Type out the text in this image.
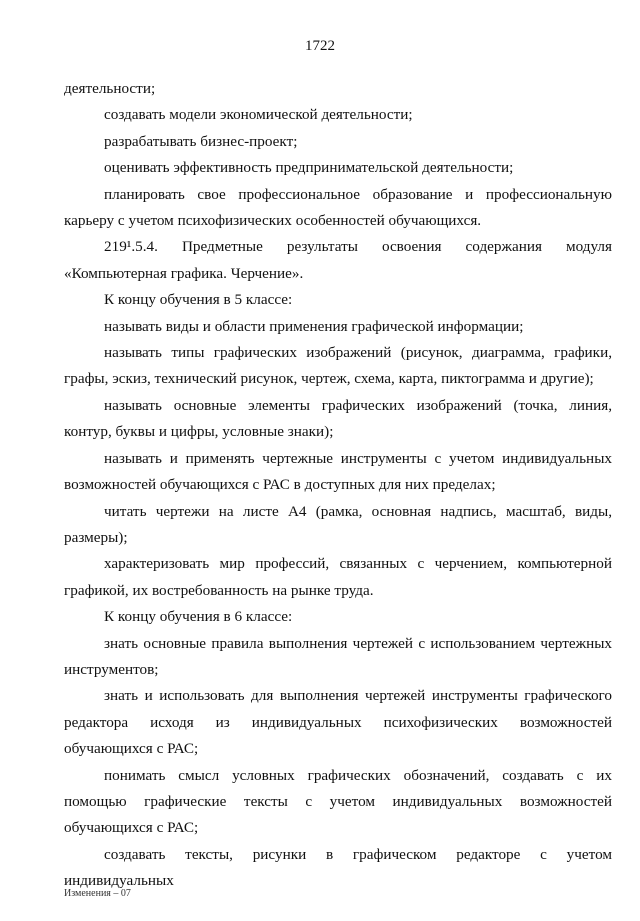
1722

деятельности;

создавать модели экономической деятельности;

разрабатывать бизнес-проект;

оценивать эффективность предпринимательской деятельности;

планировать свое профессиональное образование и профессиональную карьеру с учетом психофизических особенностей обучающихся.

219¹.5.4. Предметные результаты освоения содержания модуля «Компьютерная графика. Черчение».

К концу обучения в 5 классе:

называть виды и области применения графической информации;

называть типы графических изображений (рисунок, диаграмма, графики, графы, эскиз, технический рисунок, чертеж, схема, карта, пиктограмма и другие);

называть основные элементы графических изображений (точка, линия, контур, буквы и цифры, условные знаки);

называть и применять чертежные инструменты с учетом индивидуальных возможностей обучающихся с РАС в доступных для них пределах;

читать чертежи на листе А4 (рамка, основная надпись, масштаб, виды, размеры);

характеризовать мир профессий, связанных с черчением, компьютерной графикой, их востребованность на рынке труда.

К концу обучения в 6 классе:

знать основные правила выполнения чертежей с использованием чертежных инструментов;

знать и использовать для выполнения чертежей инструменты графического редактора исходя из индивидуальных психофизических возможностей обучающихся с РАС;

понимать смысл условных графических обозначений, создавать с их помощью графические тексты с учетом индивидуальных возможностей обучающихся с РАС;

создавать тексты, рисунки в графическом редакторе с учетом индивидуальных

Изменения – 07
